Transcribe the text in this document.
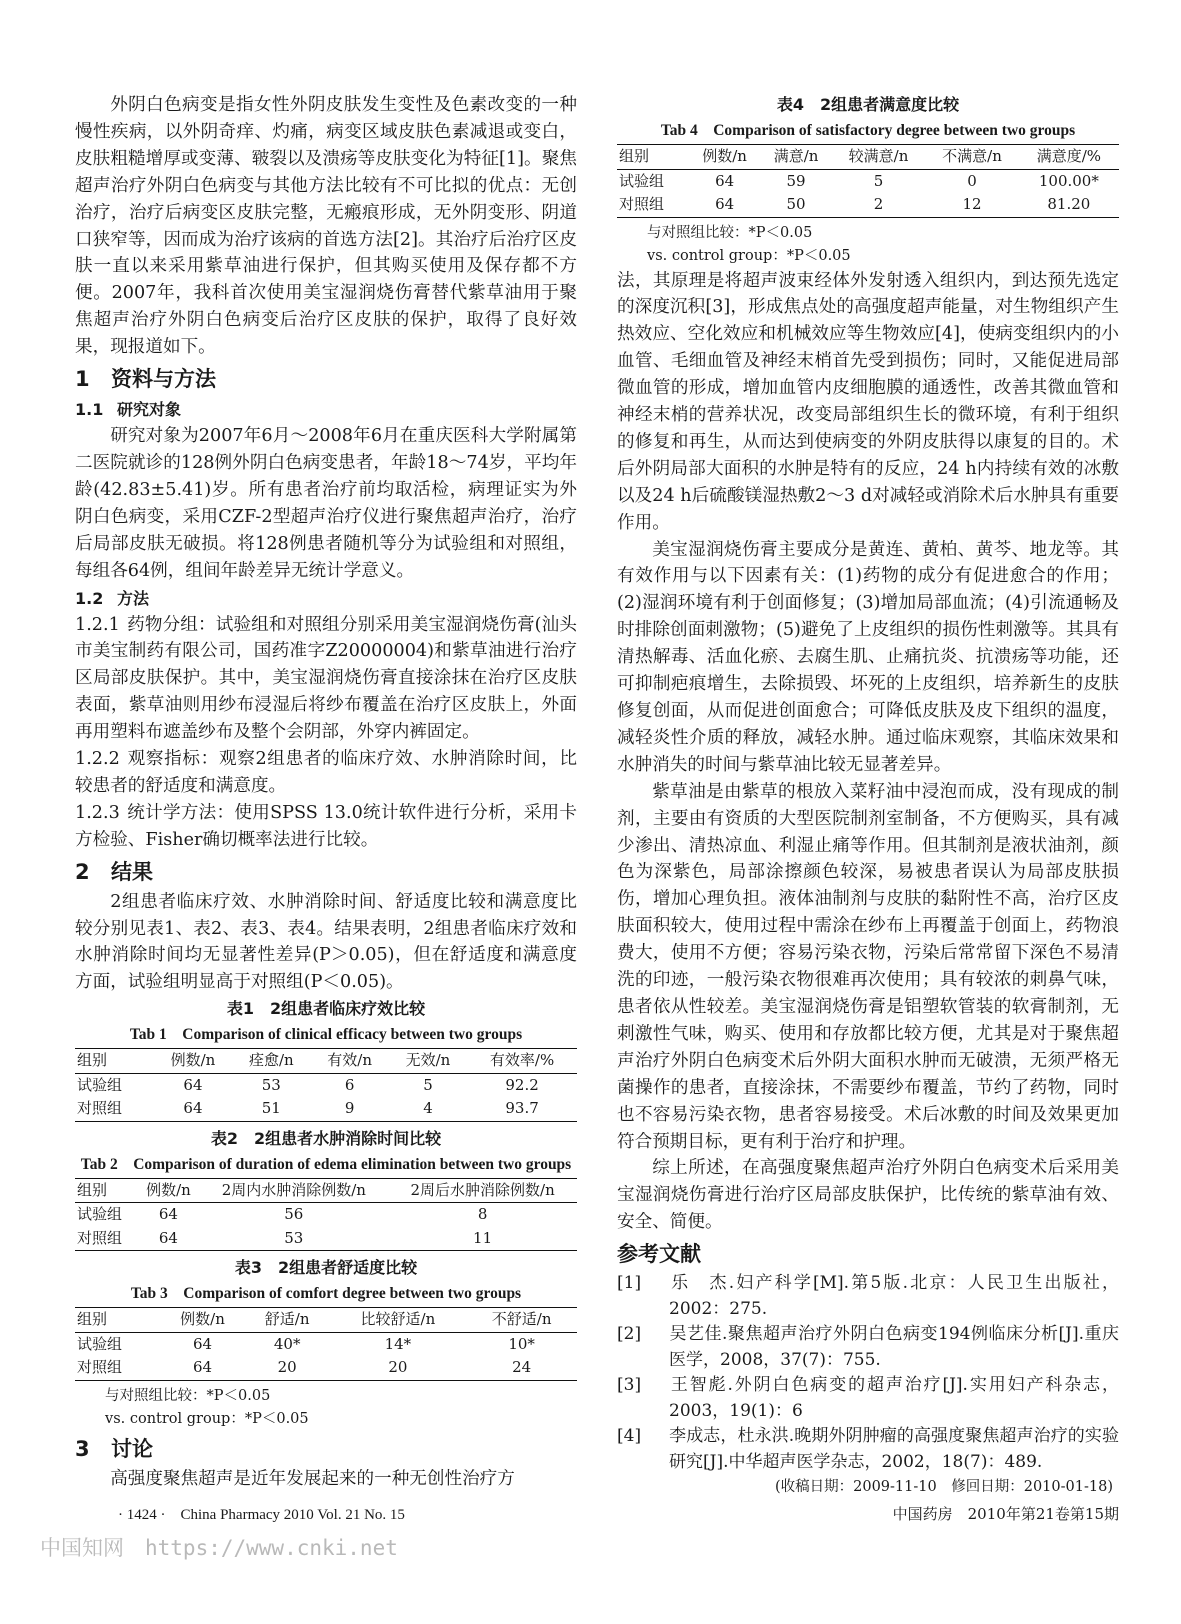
外阴白色病变是指女性外阴皮肤发生变性及色素改变的一种慢性疾病，以外阴奇痒、灼痛，病变区域皮肤色素减退或变白，皮肤粗糙增厚或变薄、皲裂以及溃疡等皮肤变化为特征[1]。聚焦超声治疗外阴白色病变与其他方法比较有不可比拟的优点：无创治疗，治疗后病变区皮肤完整，无瘢痕形成，无外阴变形、阴道口狭窄等，因而成为治疗该病的首选方法[2]。其治疗后治疗区皮肤一直以来采用紫草油进行保护，但其购买使用及保存都不方便。2007年，我科首次使用美宝湿润烧伤膏替代紫草油用于聚焦超声治疗外阴白色病变后治疗区皮肤的保护，取得了良好效果，现报道如下。

1 资料与方法
1.1 研究对象

研究对象为2007年6月～2008年6月在重庆医科大学附属第二医院就诊的128例外阴白色病变患者，年龄18～74岁，平均年龄(42.83±5.41)岁。所有患者治疗前均取活检，病理证实为外阴白色病变，采用CZF-2型超声治疗仪进行聚焦超声治疗，治疗后局部皮肤无破损。将128例患者随机等分为试验组和对照组，每组各64例，组间年龄差异无统计学意义。

1.2 方法

1.2.1 药物分组：试验组和对照组分别采用美宝湿润烧伤膏(汕头市美宝制药有限公司，国药准字Z20000004)和紫草油进行治疗区局部皮肤保护。其中，美宝湿润烧伤膏直接涂抹在治疗区皮肤表面，紫草油则用纱布浸湿后将纱布覆盖在治疗区皮肤上，外面再用塑料布遮盖纱布及整个会阴部，外穿内裤固定。

1.2.2 观察指标：观察2组患者的临床疗效、水肿消除时间，比较患者的舒适度和满意度。

1.2.3 统计学方法：使用SPSS 13.0统计软件进行分析，采用卡方检验、Fisher确切概率法进行比较。

2 结果

2组患者临床疗效、水肿消除时间、舒适度比较和满意度比较分别见表1、表2、表3、表4。结果表明，2组患者临床疗效和水肿消除时间均无显著性差异(P＞0.05)，但在舒适度和满意度方面，试验组明显高于对照组(P＜0.05)。

表1　2组患者临床疗效比较
Tab 1　Comparison of clinical efficacy between two groups
组别	例数/n	痊愈/n	有效/n	无效/n	有效率/%
试验组	64	53	6	5	92.2
对照组	64	51	9	4	93.7
表2　2组患者水肿消除时间比较
Tab 2　Comparison of duration of edema elimination between two groups
组别	例数/n	2周内水肿消除例数/n	2周后水肿消除例数/n
试验组	64	56	8
对照组	64	53	11
表3　2组患者舒适度比较
Tab 3　Comparison of comfort degree between two groups
组别	例数/n	舒适/n	比较舒适/n	不舒适/n
试验组	64	40*	14*	10*
对照组	64	20	20	24
与对照组比较：*P＜0.05
vs. control group：*P＜0.05
3 讨论

高强度聚焦超声是近年发展起来的一种无创性治疗方

表4　2组患者满意度比较
Tab 4　Comparison of satisfactory degree between two groups
组别	例数/n	满意/n	较满意/n	不满意/n	满意度/%
试验组	64	59	5	0	100.00*
对照组	64	50	2	12	81.20
与对照组比较：*P＜0.05
vs. control group：*P＜0.05

法，其原理是将超声波束经体外发射透入组织内，到达预先选定的深度沉积[3]，形成焦点处的高强度超声能量，对生物组织产生热效应、空化效应和机械效应等生物效应[4]，使病变组织内的小血管、毛细血管及神经末梢首先受到损伤；同时，又能促进局部微血管的形成，增加血管内皮细胞膜的通透性，改善其微血管和神经末梢的营养状况，改变局部组织生长的微环境，有利于组织的修复和再生，从而达到使病变的外阴皮肤得以康复的目的。术后外阴局部大面积的水肿是特有的反应，24 h内持续有效的冰敷以及24 h后硫酸镁湿热敷2～3 d对减轻或消除术后水肿具有重要作用。

美宝湿润烧伤膏主要成分是黄连、黄柏、黄芩、地龙等。其有效作用与以下因素有关：(1)药物的成分有促进愈合的作用；(2)湿润环境有利于创面修复；(3)增加局部血流；(4)引流通畅及时排除创面刺激物；(5)避免了上皮组织的损伤性刺激等。其具有清热解毒、活血化瘀、去腐生肌、止痛抗炎、抗溃疡等功能，还可抑制疤痕增生，去除损毁、坏死的上皮组织，培养新生的皮肤修复创面，从而促进创面愈合；可降低皮肤及皮下组织的温度，减轻炎性介质的释放，减轻水肿。通过临床观察，其临床效果和水肿消失的时间与紫草油比较无显著差异。

紫草油是由紫草的根放入菜籽油中浸泡而成，没有现成的制剂，主要由有资质的大型医院制剂室制备，不方便购买，具有减少渗出、清热凉血、利湿止痛等作用。但其制剂是液状油剂，颜色为深紫色，局部涂擦颜色较深，易被患者误认为局部皮肤损伤，增加心理负担。液体油制剂与皮肤的黏附性不高，治疗区皮肤面积较大，使用过程中需涂在纱布上再覆盖于创面上，药物浪费大，使用不方便；容易污染衣物，污染后常常留下深色不易清洗的印迹，一般污染衣物很难再次使用；具有较浓的刺鼻气味，患者依从性较差。美宝湿润烧伤膏是铝塑软管装的软膏制剂，无刺激性气味，购买、使用和存放都比较方便，尤其是对于聚焦超声治疗外阴白色病变术后外阴大面积水肿而无破溃，无须严格无菌操作的患者，直接涂抹，不需要纱布覆盖，节约了药物，同时也不容易污染衣物，患者容易接受。术后冰敷的时间及效果更加符合预期目标，更有利于治疗和护理。

综上所述，在高强度聚焦超声治疗外阴白色病变术后采用美宝湿润烧伤膏进行治疗区局部皮肤保护，比传统的紫草油有效、安全、简便。

参考文献
[1] 乐　杰.妇产科学[M].第5版.北京：人民卫生出版社，2002：275.
[2] 吴艺佳.聚焦超声治疗外阴白色病变194例临床分析[J].重庆医学，2008，37(7)：755.
[3] 王智彪.外阴白色病变的超声治疗[J].实用妇产科杂志，2003，19(1)：6
[4] 李成志，杜永洪.晚期外阴肿瘤的高强度聚焦超声治疗的实验研究[J].中华超声医学杂志，2002，18(7)：489.
(收稿日期：2009-11-10　修回日期：2010-01-18)
· 1424 ·　China Pharmacy 2010 Vol. 21 No. 15	中国药房　2010年第21卷第15期
中国知网　https://www.cnki.net
